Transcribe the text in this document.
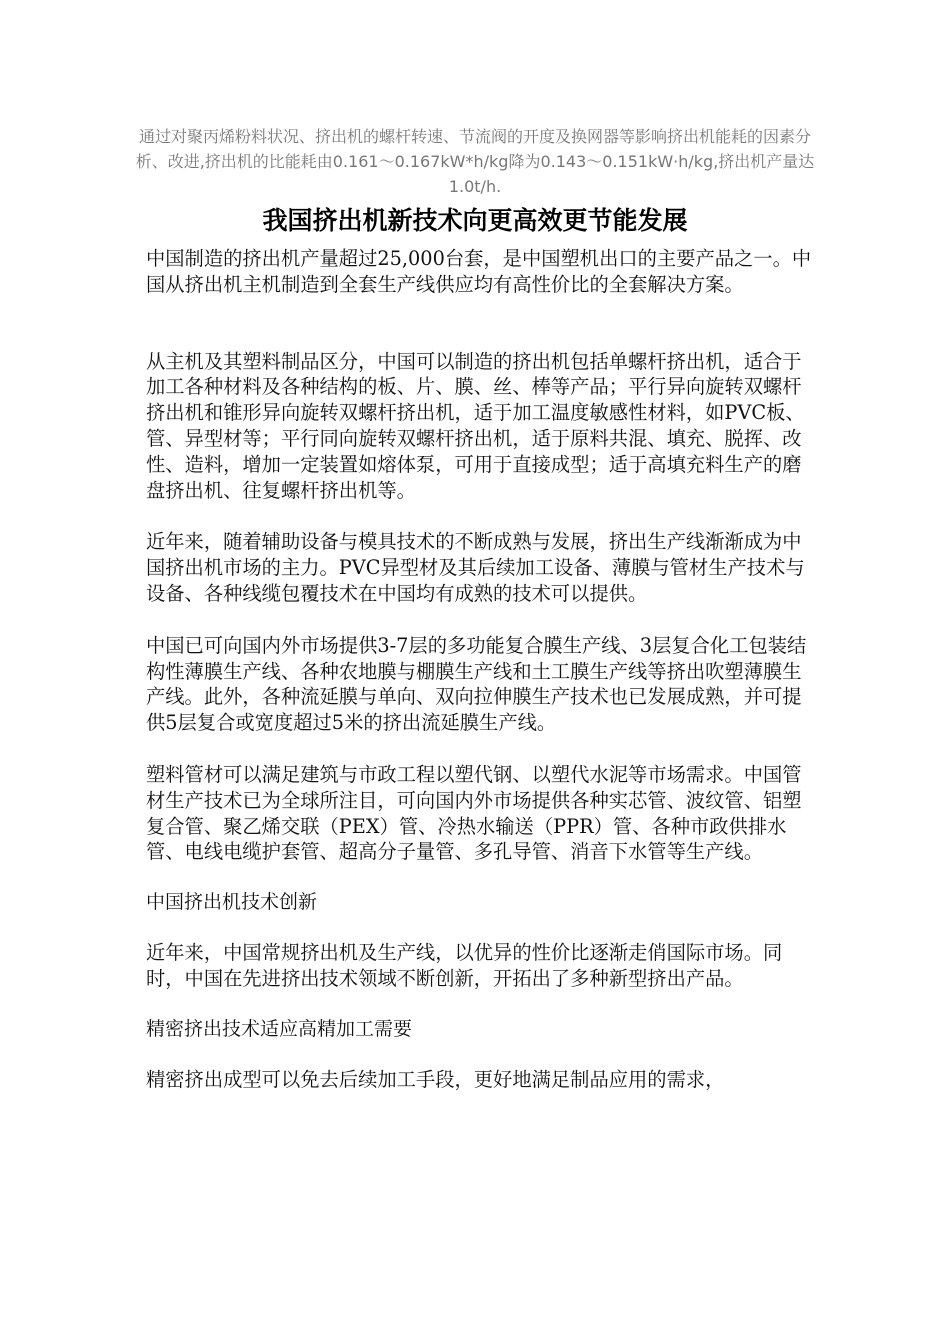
通过对聚丙烯粉料状况、挤出机的螺杆转速、节流阀的开度及换网器等影响挤出机能耗的因素分析、改进,挤出机的比能耗由0.161～0.167kW*h/kg降为0.143～0.151kW·h/kg,挤出机产量达1.0t/h.

我国挤出机新技术向更高效更节能发展

中国制造的挤出机产量超过25,000台套，是中国塑机出口的主要产品之一。中国从挤出机主机制造到全套生产线供应均有高性价比的全套解决方案。

从主机及其塑料制品区分，中国可以制造的挤出机包括单螺杆挤出机，适合于加工各种材料及各种结构的板、片、膜、丝、棒等产品；平行异向旋转双螺杆挤出机和锥形异向旋转双螺杆挤出机，适于加工温度敏感性材料，如PVC板、管、异型材等；平行同向旋转双螺杆挤出机，适于原料共混、填充、脱挥、改性、造料，增加一定装置如熔体泵，可用于直接成型；适于高填充料生产的磨盘挤出机、往复螺杆挤出机等。

近年来，随着辅助设备与模具技术的不断成熟与发展，挤出生产线渐渐成为中国挤出机市场的主力。PVC异型材及其后续加工设备、薄膜与管材生产技术与设备、各种线缆包覆技术在中国均有成熟的技术可以提供。

中国已可向国内外市场提供3-7层的多功能复合膜生产线、3层复合化工包装结构性薄膜生产线、各种农地膜与棚膜生产线和土工膜生产线等挤出吹塑薄膜生产线。此外，各种流延膜与单向、双向拉伸膜生产技术也已发展成熟，并可提供5层复合或宽度超过5米的挤出流延膜生产线。

塑料管材可以满足建筑与市政工程以塑代钢、以塑代水泥等市场需求。中国管材生产技术已为全球所注目，可向国内外市场提供各种实芯管、波纹管、铝塑复合管、聚乙烯交联（PEX）管、冷热水输送（PPR）管、各种市政供排水管、电线电缆护套管、超高分子量管、多孔导管、消音下水管等生产线。

中国挤出机技术创新

近年来，中国常规挤出机及生产线，以优异的性价比逐渐走俏国际市场。同时，中国在先进挤出技术领域不断创新，开拓出了多种新型挤出产品。

精密挤出技术适应高精加工需要

精密挤出成型可以免去后续加工手段，更好地满足制品应用的需求，
